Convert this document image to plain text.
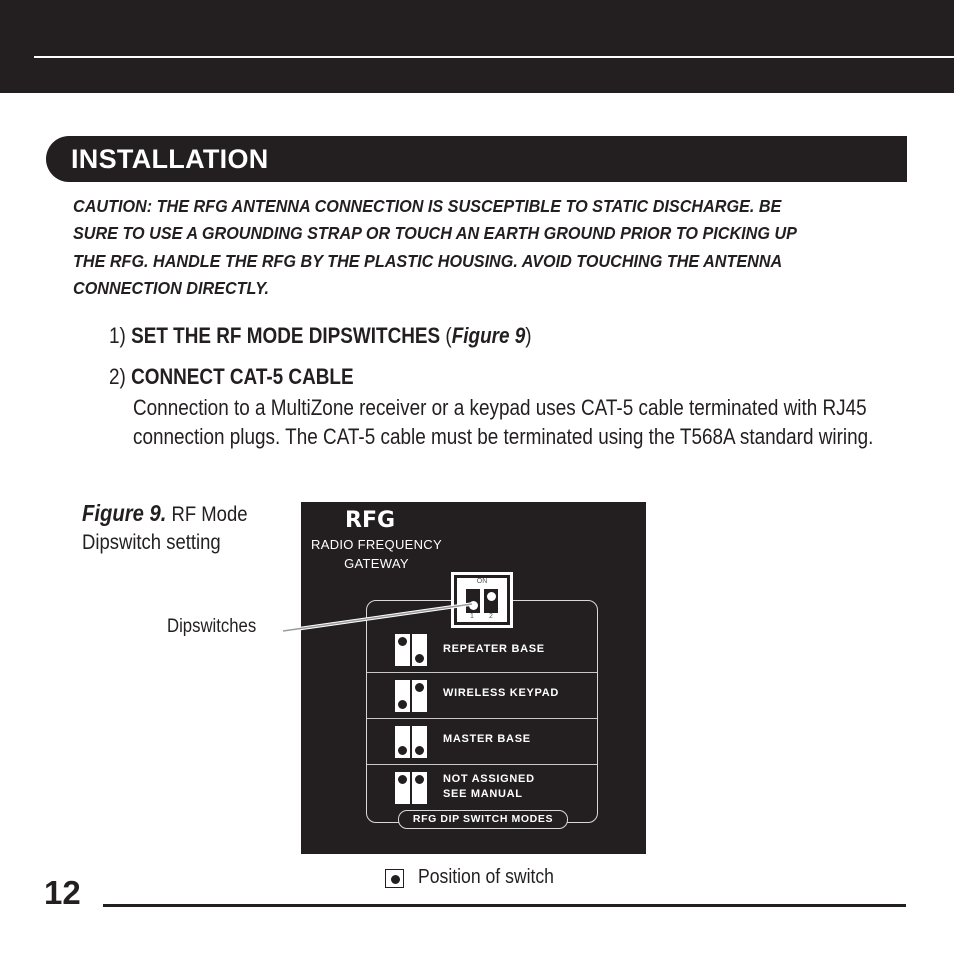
INSTALLATION
CAUTION: THE RFG ANTENNA CONNECTION IS SUSCEPTIBLE TO STATIC DISCHARGE. BE SURE TO USE A GROUNDING STRAP OR TOUCH AN EARTH GROUND PRIOR TO PICKING UP THE RFG. HANDLE THE RFG BY THE PLASTIC HOUSING. AVOID TOUCHING THE ANTENNA CONNECTION DIRECTLY.
1) SET THE RF MODE DIPSWITCHES (Figure 9)
2) CONNECT CAT-5 CABLE
Connection to a MultiZone receiver or a keypad uses CAT-5 cable terminated with RJ45 connection plugs. The CAT-5 cable must be terminated using the T568A standard wiring.
Figure 9. RF Mode
Dipswitch setting
Dipswitches
RFG
RADIO FREQUENCY
GATEWAY
REPEATER BASE
WIRELESS KEYPAD
MASTER BASE
NOT ASSIGNED
SEE MANUAL
RFG DIP SWITCH MODES
ON
1 2
Position of switch
12
